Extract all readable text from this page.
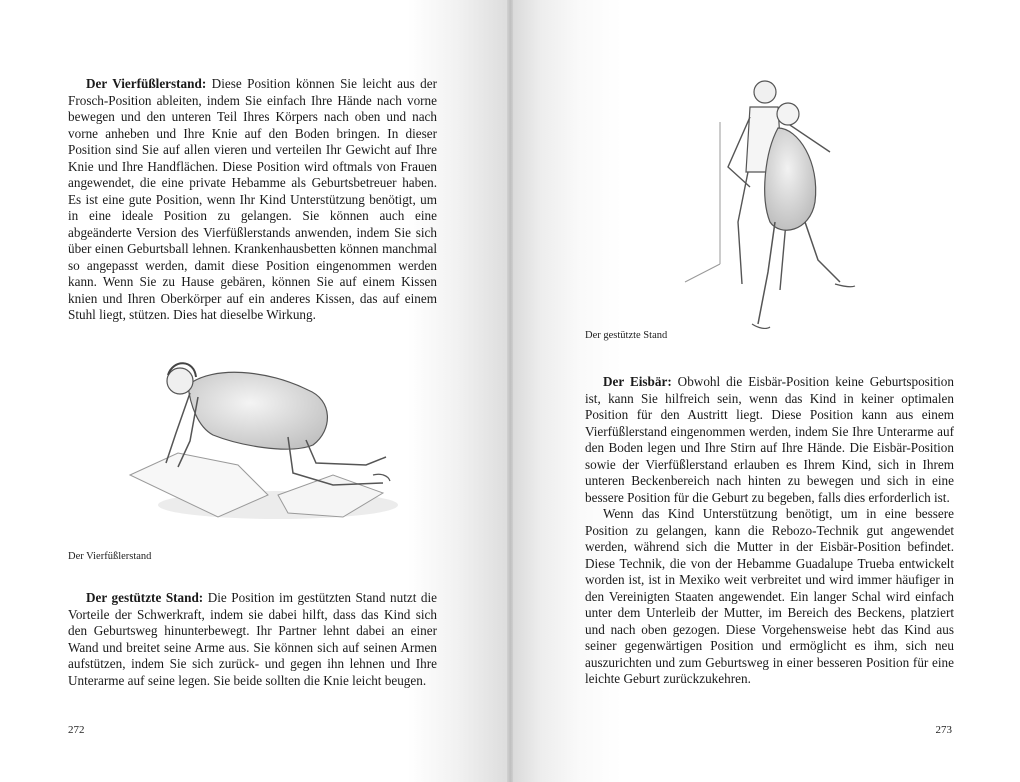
Der Vierfüßlerstand: Diese Position können Sie leicht aus der Frosch-Position ableiten, indem Sie einfach Ihre Hände nach vorne bewegen und den unteren Teil Ihres Körpers nach oben und nach vorne anheben und Ihre Knie auf den Boden bringen. In dieser Position sind Sie auf allen vieren und verteilen Ihr Gewicht auf Ihre Knie und Ihre Handflächen. Diese Position wird oftmals von Frauen angewendet, die eine private Hebamme als Geburtsbetreuer haben. Es ist eine gute Position, wenn Ihr Kind Unterstützung benötigt, um in eine ideale Position zu gelangen. Sie können auch eine abgeänderte Version des Vierfüßlerstands anwenden, indem Sie sich über einen Geburtsball lehnen. Krankenhausbetten können manchmal so angepasst werden, damit diese Position eingenommen werden kann. Wenn Sie zu Hause gebären, können Sie auf einem Kissen knien und Ihren Oberkörper auf ein anderes Kissen, das auf einem Stuhl liegt, stützen. Dies hat dieselbe Wirkung.

Der Vierfüßlerstand

Der gestützte Stand: Die Position im gestützten Stand nutzt die Vorteile der Schwerkraft, indem sie dabei hilft, dass das Kind sich den Geburtsweg hinunterbewegt. Ihr Partner lehnt dabei an einer Wand und breitet seine Arme aus. Sie können sich auf seinen Armen aufstützen, indem Sie sich zurück- und gegen ihn lehnen und Ihre Unterarme auf seine legen. Sie beide sollten die Knie leicht beugen.

272
Der gestützte Stand

Der Eisbär: Obwohl die Eisbär-Position keine Geburtsposition ist, kann Sie hilfreich sein, wenn das Kind in keiner optimalen Position für den Austritt liegt. Diese Position kann aus einem Vierfüßlerstand eingenommen werden, indem Sie Ihre Unterarme auf den Boden legen und Ihre Stirn auf Ihre Hände. Die Eisbär-Position sowie der Vierfüßlerstand erlauben es Ihrem Kind, sich in Ihrem unteren Beckenbereich nach hinten zu bewegen und sich in eine bessere Position für die Geburt zu begeben, falls dies erforderlich ist.

Wenn das Kind Unterstützung benötigt, um in eine bessere Position zu gelangen, kann die Rebozo-Technik gut angewendet werden, während sich die Mutter in der Eisbär-Position befindet. Diese Technik, die von der Hebamme Guadalupe Trueba entwickelt worden ist, ist in Mexiko weit verbreitet und wird immer häufiger in den Vereinigten Staaten angewendet. Ein langer Schal wird einfach unter dem Unterleib der Mutter, im Bereich des Beckens, platziert und nach oben gezogen. Diese Vorgehensweise hebt das Kind aus seiner gegenwärtigen Position und ermöglicht es ihm, sich neu auszurichten und zum Geburtsweg in einer besseren Position für eine leichte Geburt zurückzukehren.

273
